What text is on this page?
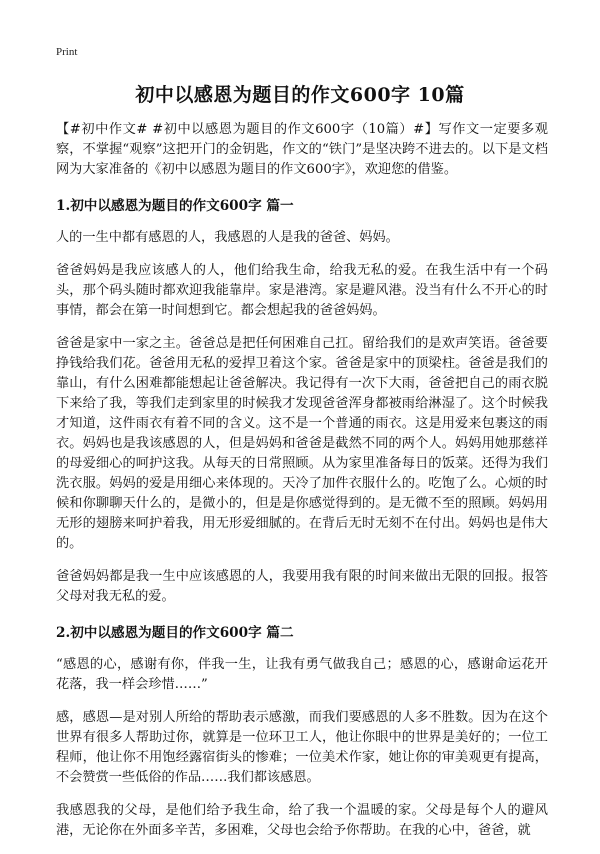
Print
初中以感恩为题目的作文600字 10篇

【#初中作文# #初中以感恩为题目的作文600字（10篇）#】写作文一定要多观察，不掌握“观察”这把开门的金钥匙，作文的“铁门”是坚决跨不进去的。以下是文档网为大家准备的《初中以感恩为题目的作文600字》，欢迎您的借鉴。

1.初中以感恩为题目的作文600字 篇一

人的一生中都有感恩的人，我感恩的人是我的爸爸、妈妈。

爸爸妈妈是我应该感人的人，他们给我生命，给我无私的爱。在我生活中有一个码头，那个码头随时都欢迎我能靠岸。家是港湾。家是避风港。没当有什么不开心的时事情，都会在第一时间想到它。都会想起我的爸爸妈妈。

爸爸是家中一家之主。爸爸总是把任何困难自己扛。留给我们的是欢声笑语。爸爸要挣钱给我们花。爸爸用无私的爱捍卫着这个家。爸爸是家中的顶梁柱。爸爸是我们的靠山，有什么困难都能想起让爸爸解决。我记得有一次下大雨，爸爸把自己的雨衣脱下来给了我，等我们走到家里的时候我才发现爸爸浑身都被雨给淋湿了。这个时候我才知道，这件雨衣有着不同的含义。这不是一个普通的雨衣。这是用爱来包裹这的雨衣。妈妈也是我该感恩的人，但是妈妈和爸爸是截然不同的两个人。妈妈用她那慈祥的母爱细心的呵护这我。从每天的日常照顾。从为家里准备每日的饭菜。还得为我们洗衣服。妈妈的爱是用细心来体现的。天冷了加件衣服什么的。吃饱了么。心烦的时候和你聊聊天什么的，是微小的，但是是你感觉得到的。是无微不至的照顾。妈妈用无形的翅膀来呵护着我，用无形爱细腻的。在背后无时无刻不在付出。妈妈也是伟大的。

爸爸妈妈都是我一生中应该感恩的人，我要用我有限的时间来做出无限的回报。报答父母对我无私的爱。

2.初中以感恩为题目的作文600字 篇二

“感恩的心，感谢有你，伴我一生，让我有勇气做我自己；感恩的心，感谢命运花开花落，我一样会珍惜……”

感，感恩—是对别人所给的帮助表示感激，而我们要感恩的人多不胜数。因为在这个世界有很多人帮助过你，就算是一位环卫工人，他让你眼中的世界是美好的；一位工程师，他让你不用饱经露宿街头的惨难；一位美术作家，她让你的审美观更有提高，不会赞赏一些低俗的作品……我们都该感恩。

我感恩我的父母，是他们给予我生命，给了我一个温暖的家。父母是每个人的避风港，无论你在外面多辛苦，多困难，父母也会给予你帮助。在我的心中，爸爸，就
